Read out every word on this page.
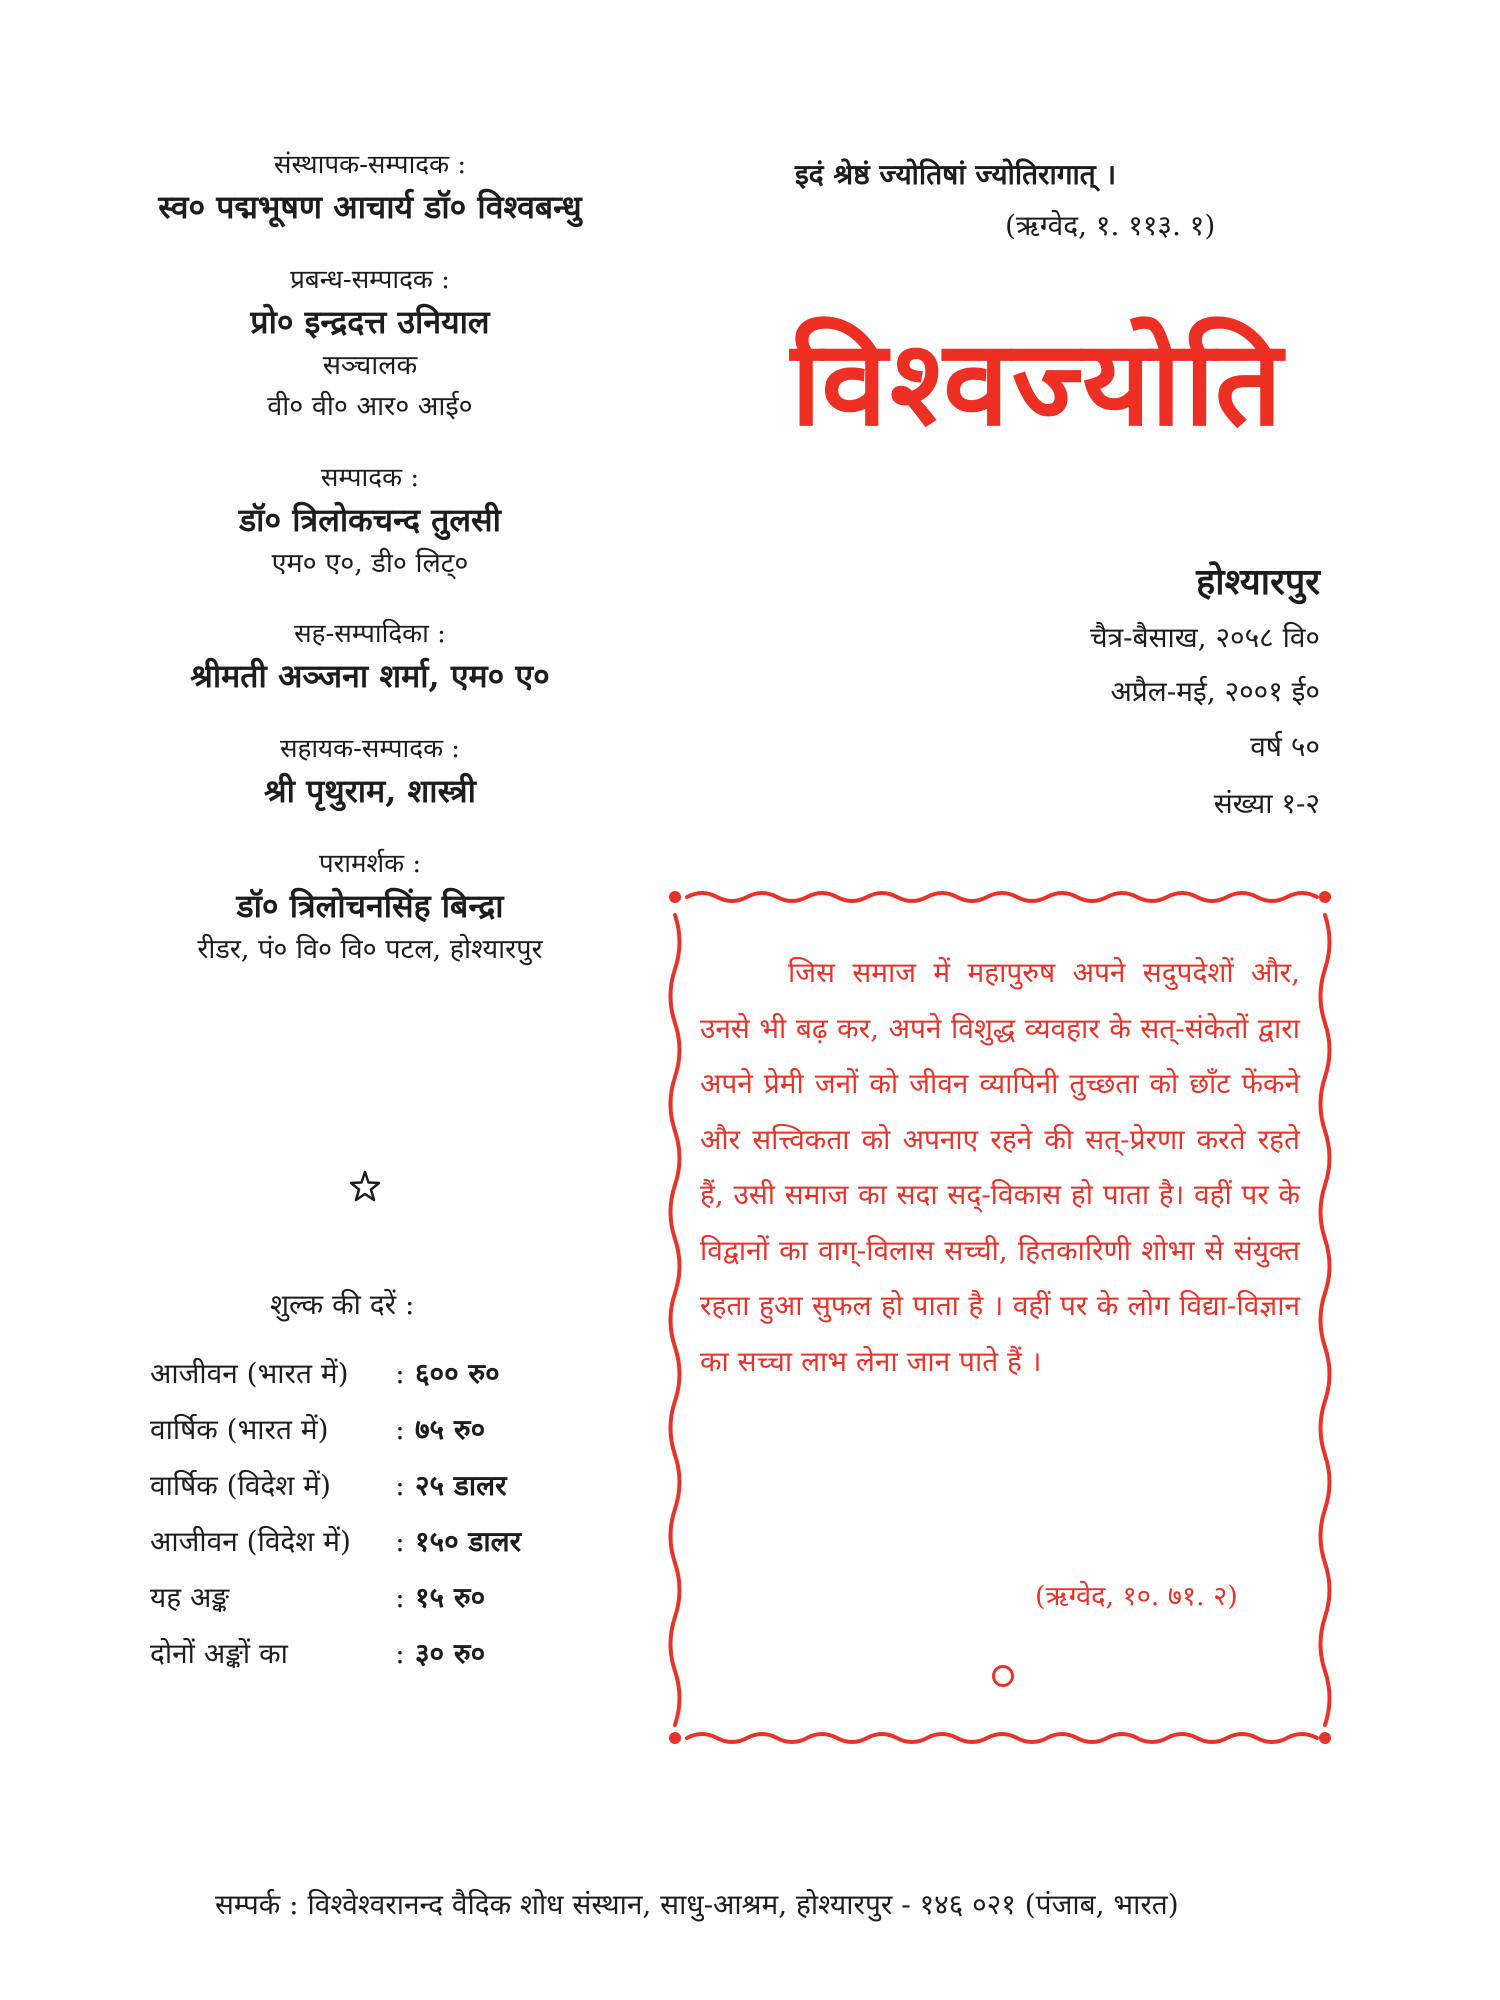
संस्थापक-सम्पादक :

स्व० पद्मभूषण आचार्य डॉ० विश्वबन्धु

प्रबन्ध-सम्पादक :

प्रो० इन्द्रदत्त उनियाल

सञ्चालक

वी० वी० आर० आई०

सम्पादक :

डॉ० त्रिलोकचन्द तुलसी

एम० ए०, डी० लिट्०

सह-सम्पादिका :

श्रीमती अञ्जना शर्मा, एम० ए०

सहायक-सम्पादक :

श्री पृथुराम, शास्त्री

परामर्शक :

डॉ० त्रिलोचनसिंह बिन्द्रा

रीडर, पं० वि० वि० पटल, होश्यारपुर

शुल्क की दरें :
आजीवन (भारत में)	: ६०० रु०
वार्षिक (भारत में)	: ७५ रु०
वार्षिक (विदेश में)	: २५ डालर
आजीवन (विदेश में)	: १५० डालर
यह अङ्क	: १५ रु०
दोनों अङ्कों का	: ३० रु०
इदं श्रेष्ठं ज्योतिषां ज्योतिरागात् ।
(ऋग्वेद, १. ११३. १)
विश्वज्योति
होश्यारपुर
चैत्र-बैसाख, २०५८ वि०
अप्रैल-मई, २००१ ई०
वर्ष ५०
संख्या १-२

जिस समाज में महापुरुष अपने सदुपदेशों और, उनसे भी बढ़ कर, अपने विशुद्ध व्यवहार के सत्-संकेतों द्वारा अपने प्रेमी जनों को जीवन व्यापिनी तुच्छता को छाँट फेंकने और सत्त्विकता को अपनाए रहने की सत्-प्रेरणा करते रहते हैं, उसी समाज का सदा सद्-विकास हो पाता है। वहीं पर के विद्वानों का वाग्-विलास सच्ची, हितकारिणी शोभा से संयुक्त रहता हुआ सुफल हो पाता है । वहीं पर के लोग विद्या-विज्ञान का सच्चा लाभ लेना जान पाते हैं ।

(ऋग्वेद, १०. ७१. २)
सम्पर्क : विश्वेश्वरानन्द वैदिक शोध संस्थान, साधु-आश्रम, होश्यारपुर - १४६ ०२१ (पंजाब, भारत)
